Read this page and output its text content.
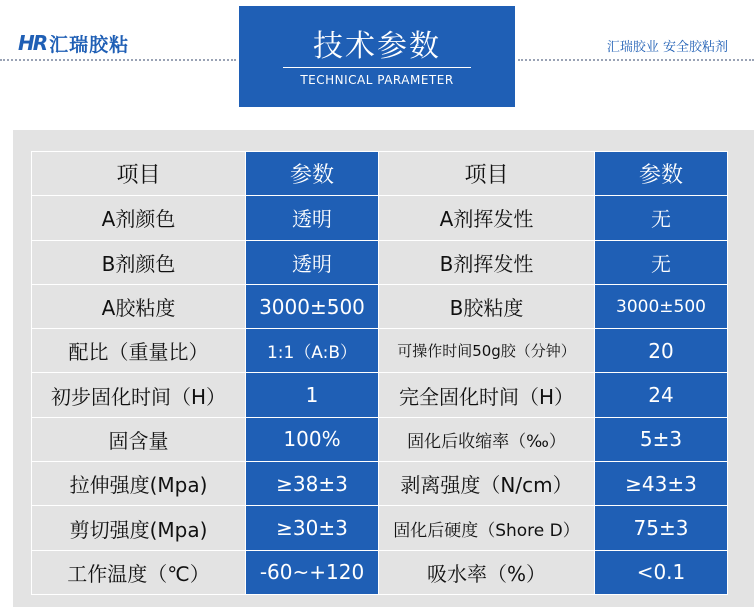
HR 汇瑞胶粘	汇瑞胶业 安全胶粘剂
技术参数
TECHNICAL PARAMETER
项目	参数	项目	参数
A剂颜色	透明	A剂挥发性	无
B剂颜色	透明	B剂挥发性	无
A胶粘度	3000±500	B胶粘度	3000±500
配比（重量比）	1:1（A:B）	可操作时间50g胶（分钟）	20
初步固化时间（H）	1	完全固化时间（H）	24
固含量	100%	固化后收缩率（‰）	5±3
拉伸强度(Mpa)	≥38±3	剥离强度（N/cm）	≥43±3
剪切强度(Mpa)	≥30±3	固化后硬度（Shore D）	75±3
工作温度（℃）	-60~+120	吸水率（%）	<0.1
